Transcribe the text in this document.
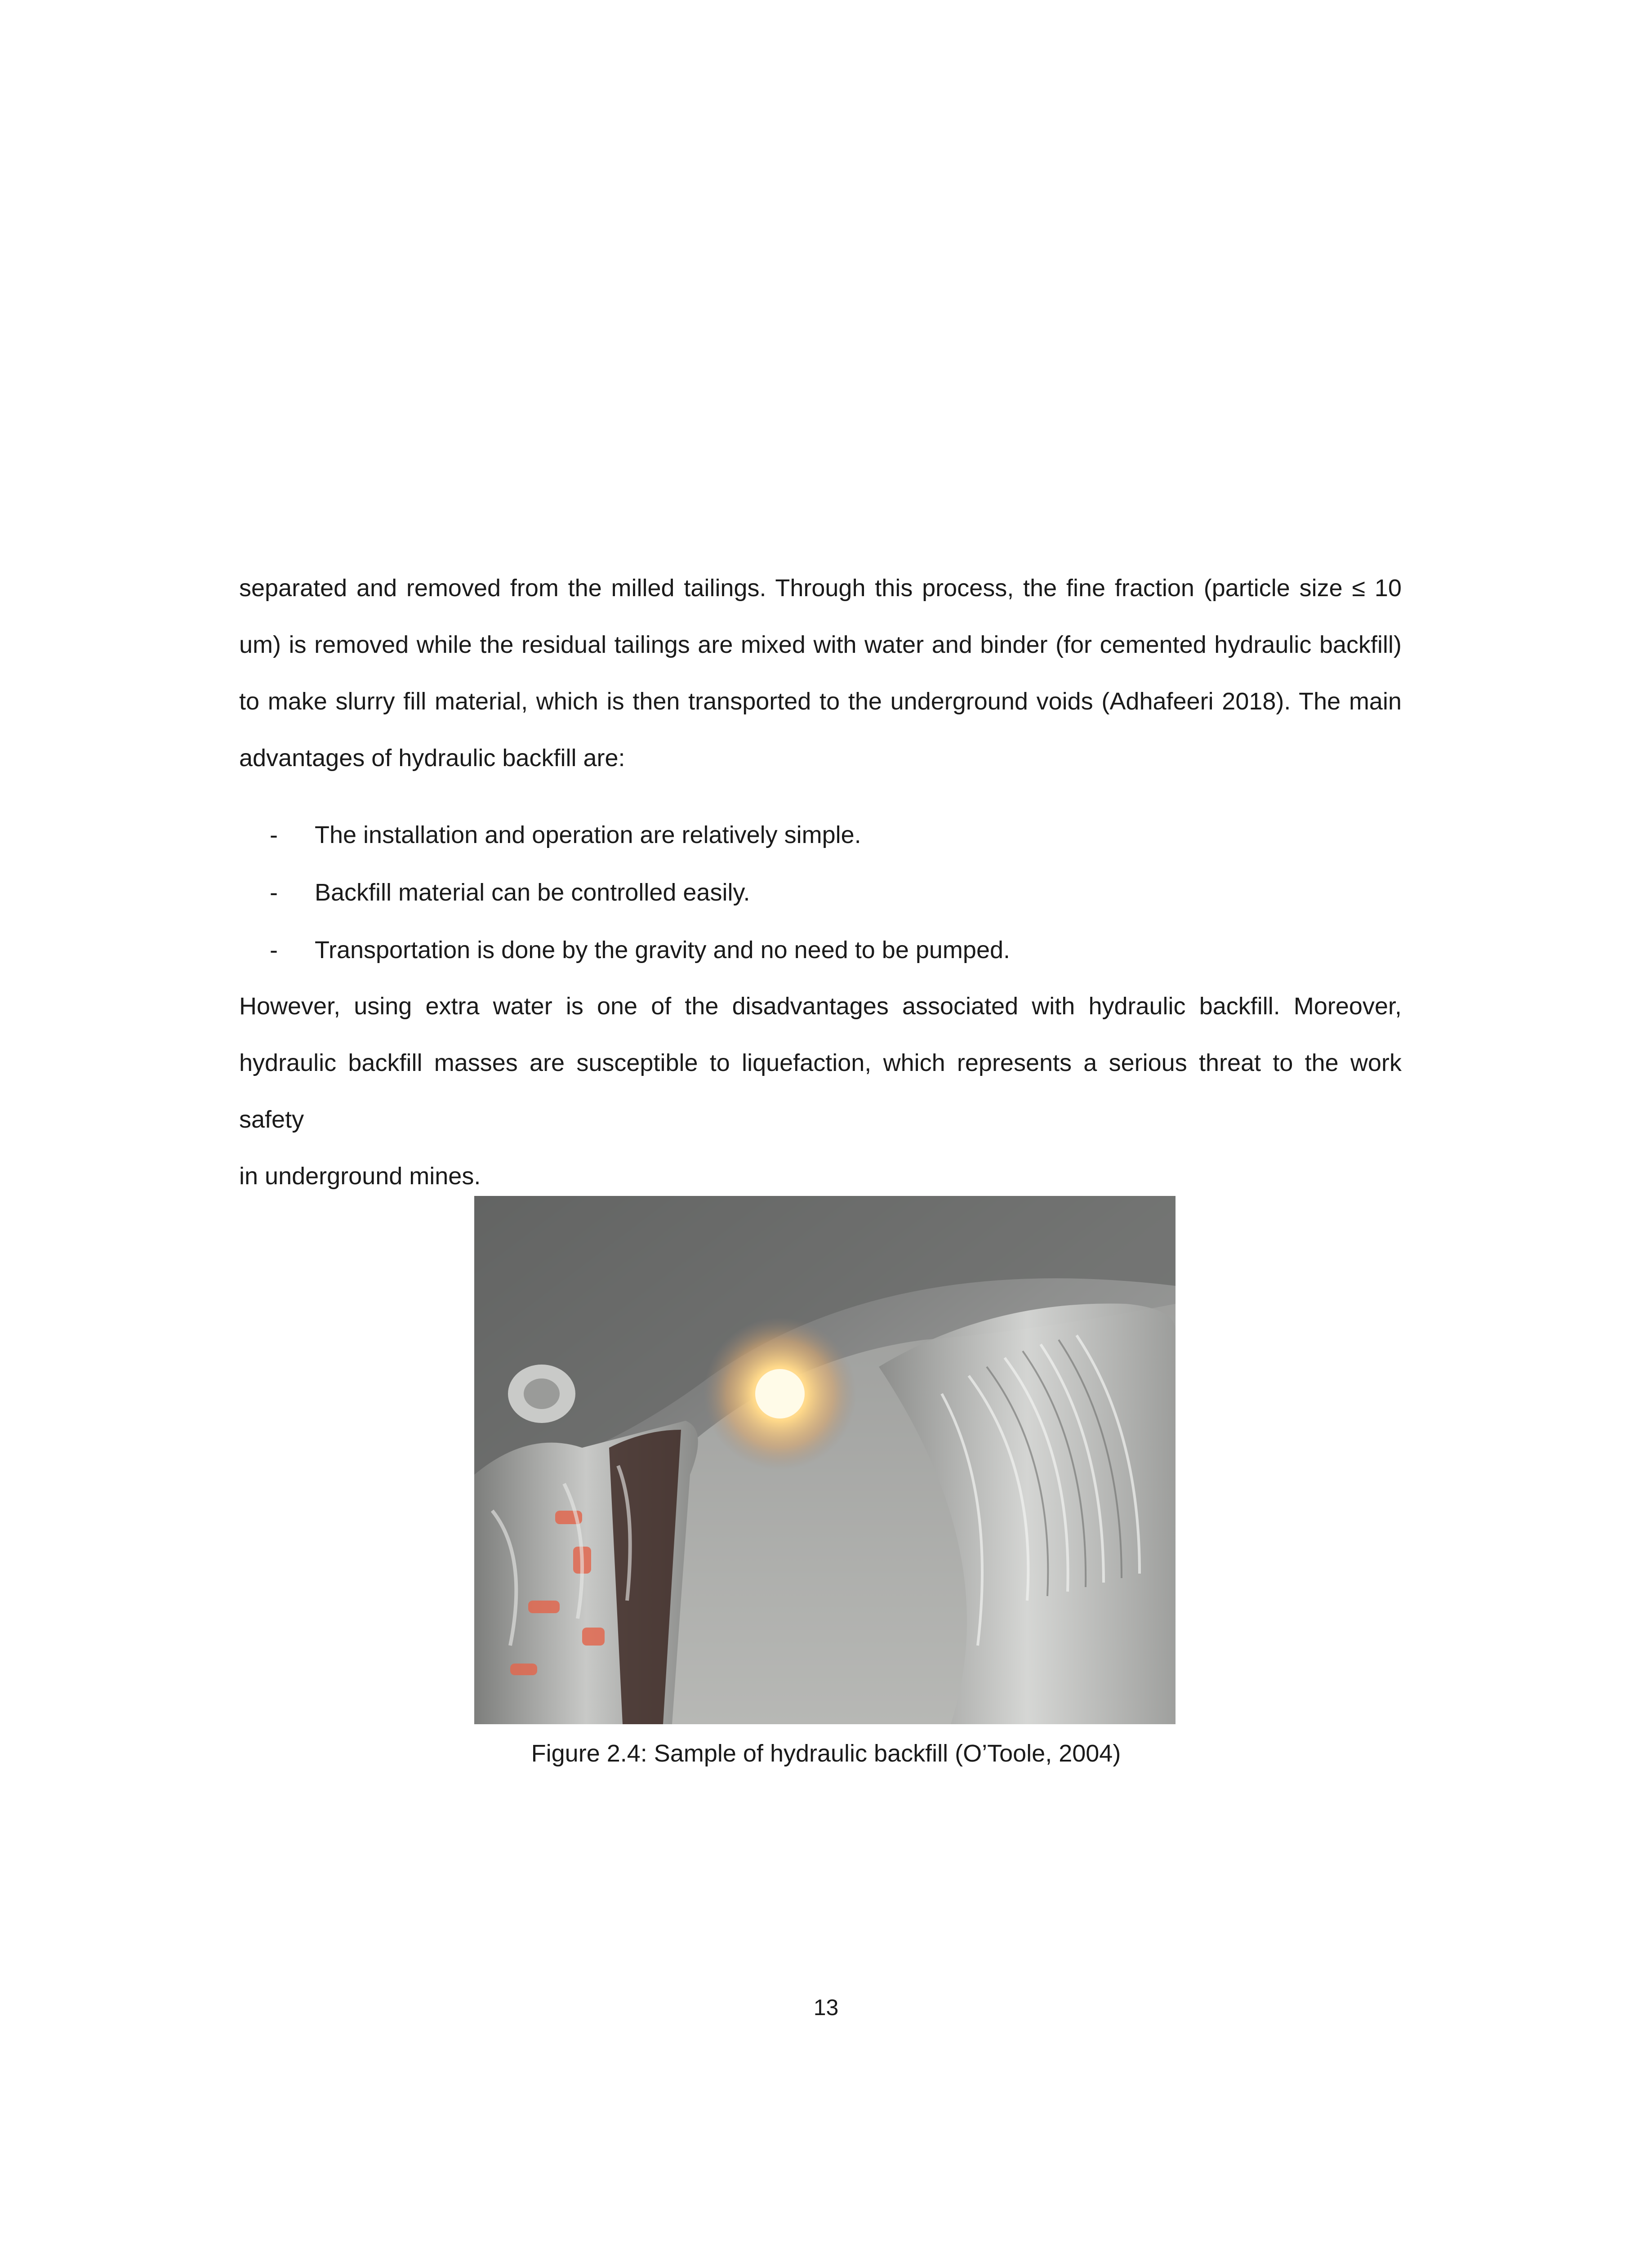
separated and removed from the milled tailings. Through this process, the fine fraction (particle size ≤ 10
um) is removed while the residual tailings are mixed with water and binder (for cemented hydraulic backfill)
to make slurry fill material, which is then transported to the underground voids (Adhafeeri 2018). The main
advantages of hydraulic backfill are:
-	The installation and operation are relatively simple.
-	Backfill material can be controlled easily.
-	Transportation is done by the gravity and no need to be pumped.
However, using extra water is one of the disadvantages associated with hydraulic backfill. Moreover,
hydraulic backfill masses are susceptible to liquefaction, which represents a serious threat to the work safety
in underground mines.
Figure 2.4: Sample of hydraulic backfill (O’Toole, 2004)
13
